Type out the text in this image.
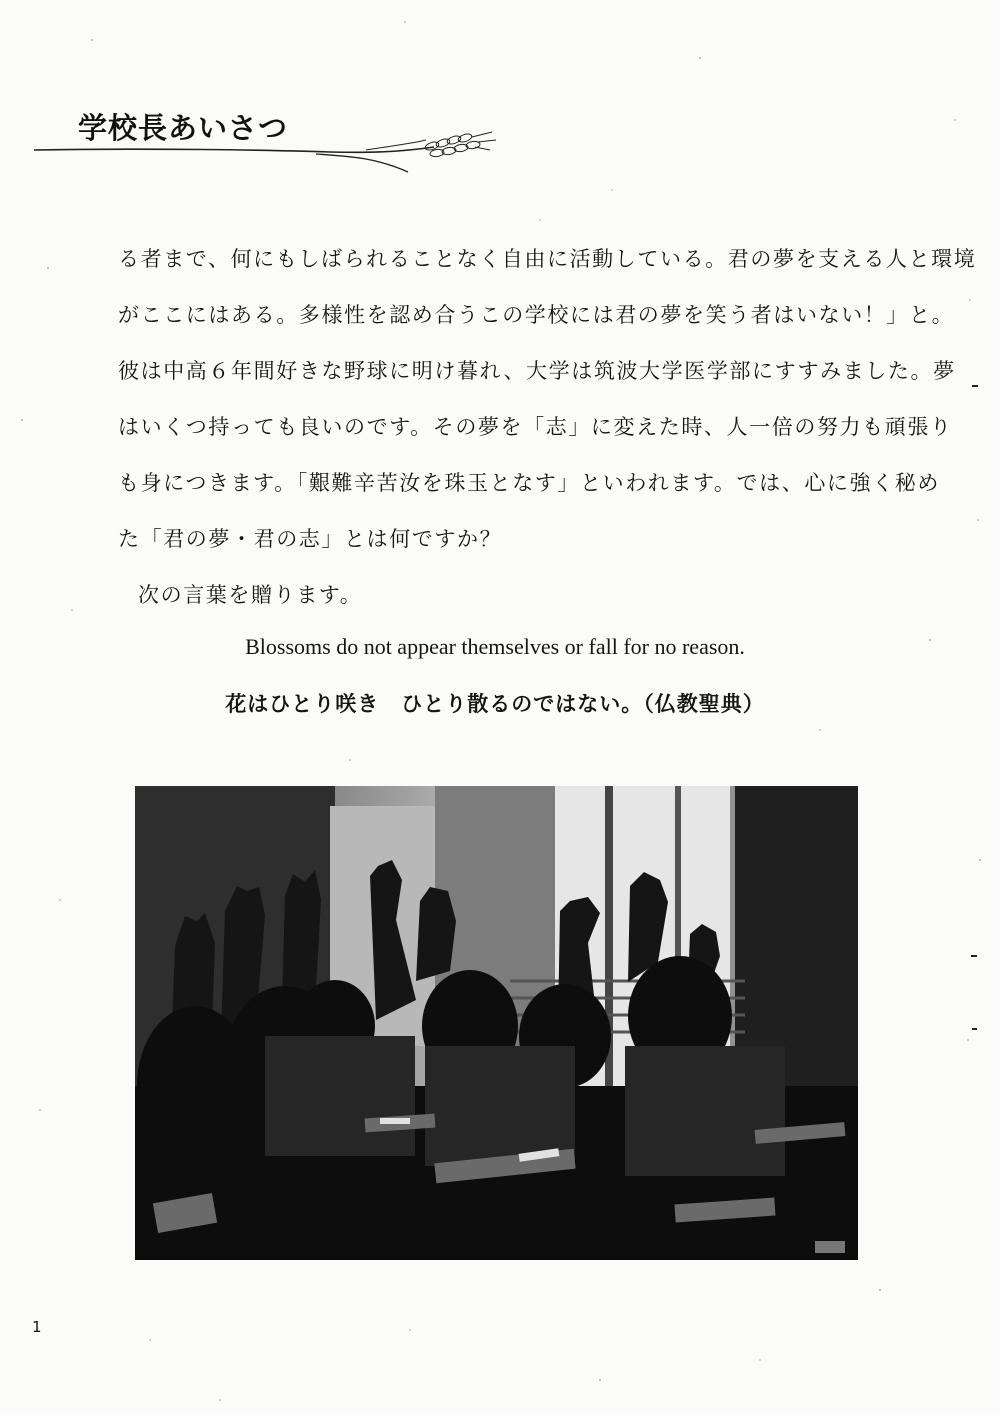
学校長あいさつ
る者まで、何にもしばられることなく自由に活動している。君の夢を支える人と環境
がここにはある。多様性を認め合うこの学校には君の夢を笑う者はいない！」と。
彼は中高６年間好きな野球に明け暮れ、大学は筑波大学医学部にすすみました。夢
はいくつ持っても良いのです。その夢を「志」に変えた時、人一倍の努力も頑張り
も身につきます。「艱難辛苦汝を珠玉となす」といわれます。では、心に強く秘め
た「君の夢・君の志」とは何ですか？
次の言葉を贈ります。
Blossoms do not appear themselves or fall for no reason.
花はひとり咲き　ひとり散るのではない。（仏教聖典）
1
